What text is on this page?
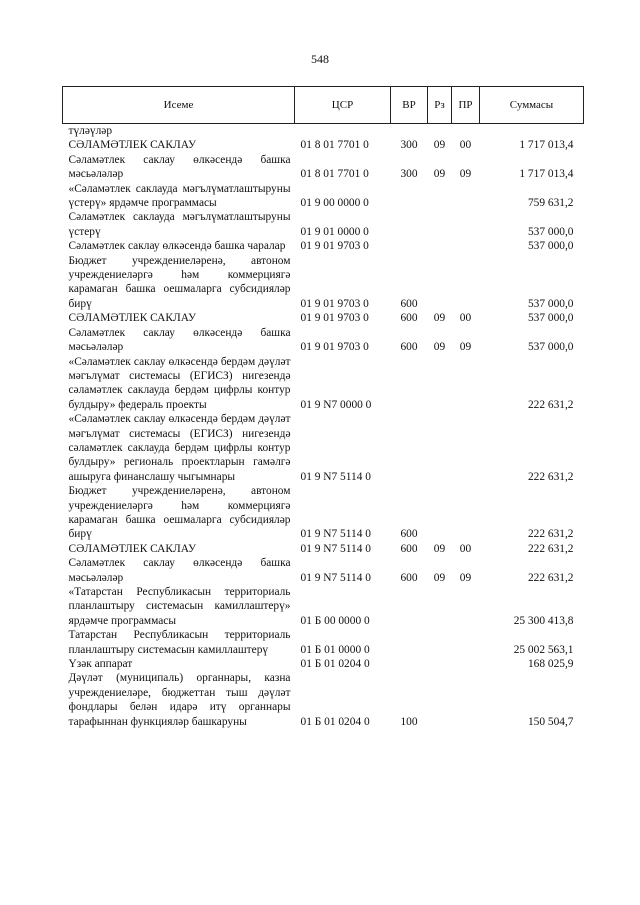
548
Исеме	ЦСР	ВР	Рз	ПР	Суммасы
түләүләр					
СӘЛАМӘТЛЕК САКЛАУ	01 8 01 7701 0	300	09	00	1 717 013,4
Сәламәтлек саклау өлкәсендә башка мәсьәләләр	01 8 01 7701 0	300	09	09	1 717 013,4
«Сәламәтлек саклауда мәгълүматлаштыруны үстерү» ярдәмче программасы	01 9 00 0000 0				759 631,2
Сәламәтлек саклауда мәгълүматлаштыруны үстерү	01 9 01 0000 0				537 000,0
Сәламәтлек саклау өлкәсендә башка чаралар	01 9 01 9703 0				537 000,0
Бюджет учреждениеләренә, автоном учреждениеләргә һәм коммерциягә карамаган башка оешмаларга субсидияләр бирү	01 9 01 9703 0	600			537 000,0
СӘЛАМӘТЛЕК САКЛАУ	01 9 01 9703 0	600	09	00	537 000,0
Сәламәтлек саклау өлкәсендә башка мәсьәләләр	01 9 01 9703 0	600	09	09	537 000,0
«Сәламәтлек саклау өлкәсендә бердәм дәүләт мәгълүмат системасы (ЕГИСЗ) нигезендә сәламәтлек саклауда бердәм цифрлы контур булдыру» федераль проекты	01 9 N7 0000 0				222 631,2
«Сәламәтлек саклау өлкәсендә бердәм дәүләт мәгълүмат системасы (ЕГИСЗ) нигезендә сәламәтлек саклауда бердәм цифрлы контур булдыру» региональ проектларын гамәлгә ашыруга финанслашу чыгымнары	01 9 N7 5114 0				222 631,2
Бюджет учреждениеләренә, автоном учреждениеләргә һәм коммерциягә карамаган башка оешмаларга субсидияләр бирү	01 9 N7 5114 0	600			222 631,2
СӘЛАМӘТЛЕК САКЛАУ	01 9 N7 5114 0	600	09	00	222 631,2
Сәламәтлек саклау өлкәсендә башка мәсьәләләр	01 9 N7 5114 0	600	09	09	222 631,2
«Татарстан Республикасын территориаль планлаштыру системасын камиллаштерү» ярдәмче программасы	01 Б 00 0000 0				25 300 413,8
Татарстан Республикасын территориаль планлаштыру системасын камиллаштерү	01 Б 01 0000 0				25 002 563,1
Үзәк аппарат	01 Б 01 0204 0				168 025,9
Дәүләт (муниципаль) органнары, казна учреждениеләре, бюджеттан тыш дәүләт фондлары белән идарә итү органнары тарафыннан функцияләр башкаруны	01 Б 01 0204 0	100			150 504,7
